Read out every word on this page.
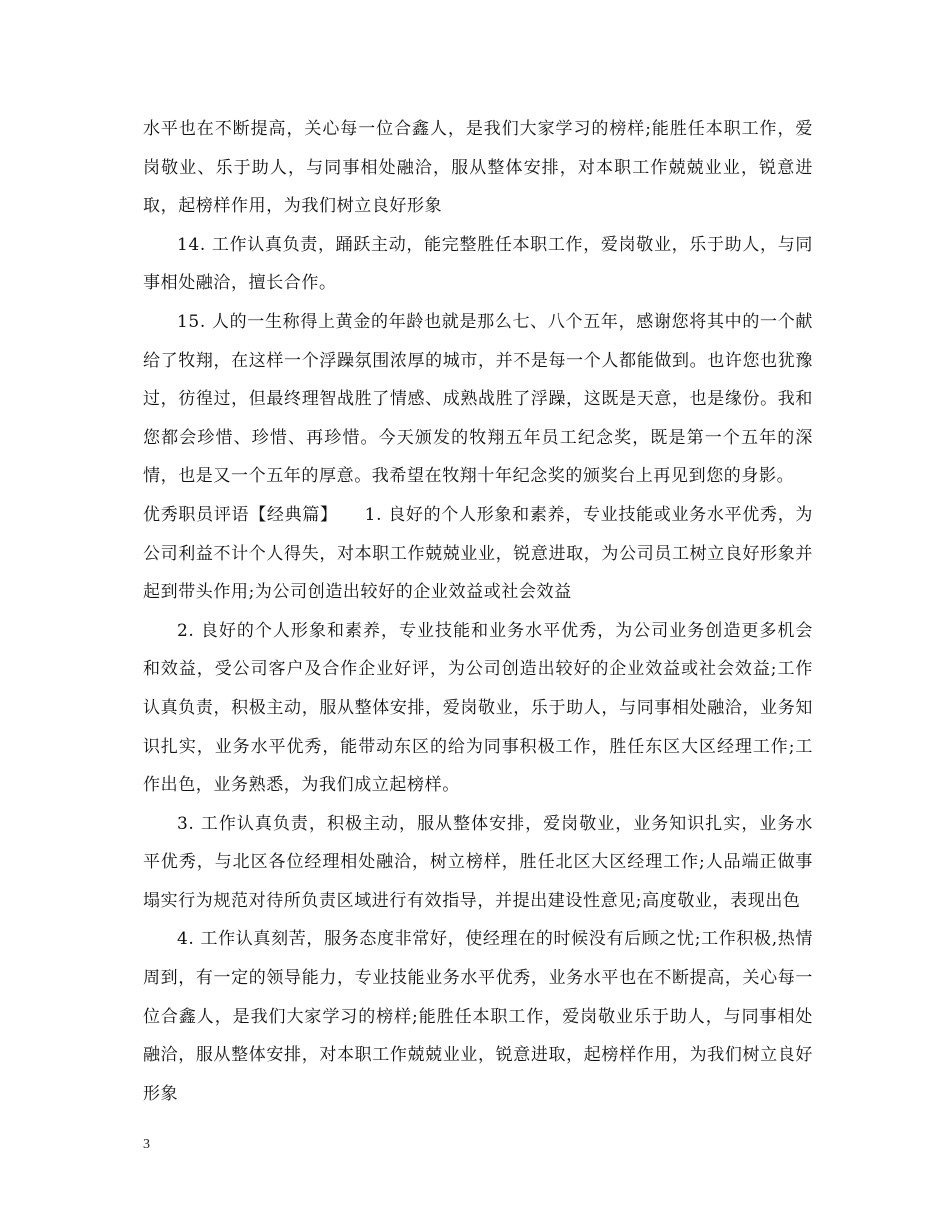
水平也在不断提高，关心每一位合鑫人，是我们大家学习的榜样;能胜任本职工作，爱岗敬业、乐于助人，与同事相处融洽，服从整体安排，对本职工作兢兢业业，锐意进取，起榜样作用，为我们树立良好形象

14. 工作认真负责，踊跃主动，能完整胜任本职工作，爱岗敬业，乐于助人，与同事相处融洽，擅长合作。

15. 人的一生称得上黄金的年龄也就是那么七、八个五年，感谢您将其中的一个献给了牧翔，在这样一个浮躁氛围浓厚的城市，并不是每一个人都能做到。也许您也犹豫过，彷徨过，但最终理智战胜了情感、成熟战胜了浮躁，这既是天意，也是缘份。我和您都会珍惜、珍惜、再珍惜。今天颁发的牧翔五年员工纪念奖，既是第一个五年的深情，也是又一个五年的厚意。我希望在牧翔十年纪念奖的颁奖台上再见到您的身影。

优秀职员评语【经典篇】　　1. 良好的个人形象和素养，专业技能或业务水平优秀，为公司利益不计个人得失，对本职工作兢兢业业，锐意进取，为公司员工树立良好形象并起到带头作用;为公司创造出较好的企业效益或社会效益

2. 良好的个人形象和素养，专业技能和业务水平优秀，为公司业务创造更多机会和效益，受公司客户及合作企业好评，为公司创造出较好的企业效益或社会效益;工作认真负责，积极主动，服从整体安排，爱岗敬业，乐于助人，与同事相处融洽，业务知识扎实，业务水平优秀，能带动东区的给为同事积极工作，胜任东区大区经理工作;工作出色，业务熟悉，为我们成立起榜样。

3. 工作认真负责，积极主动，服从整体安排，爱岗敬业，业务知识扎实，业务水平优秀，与北区各位经理相处融洽，树立榜样，胜任北区大区经理工作;人品端正做事塌实行为规范对待所负责区域进行有效指导，并提出建设性意见;高度敬业，表现出色

4. 工作认真刻苦，服务态度非常好，使经理在的时候没有后顾之忧;工作积极,热情周到，有一定的领导能力，专业技能业务水平优秀，业务水平也在不断提高，关心每一位合鑫人，是我们大家学习的榜样;能胜任本职工作，爱岗敬业乐于助人，与同事相处融洽，服从整体安排，对本职工作兢兢业业，锐意进取，起榜样作用，为我们树立良好形象

3
